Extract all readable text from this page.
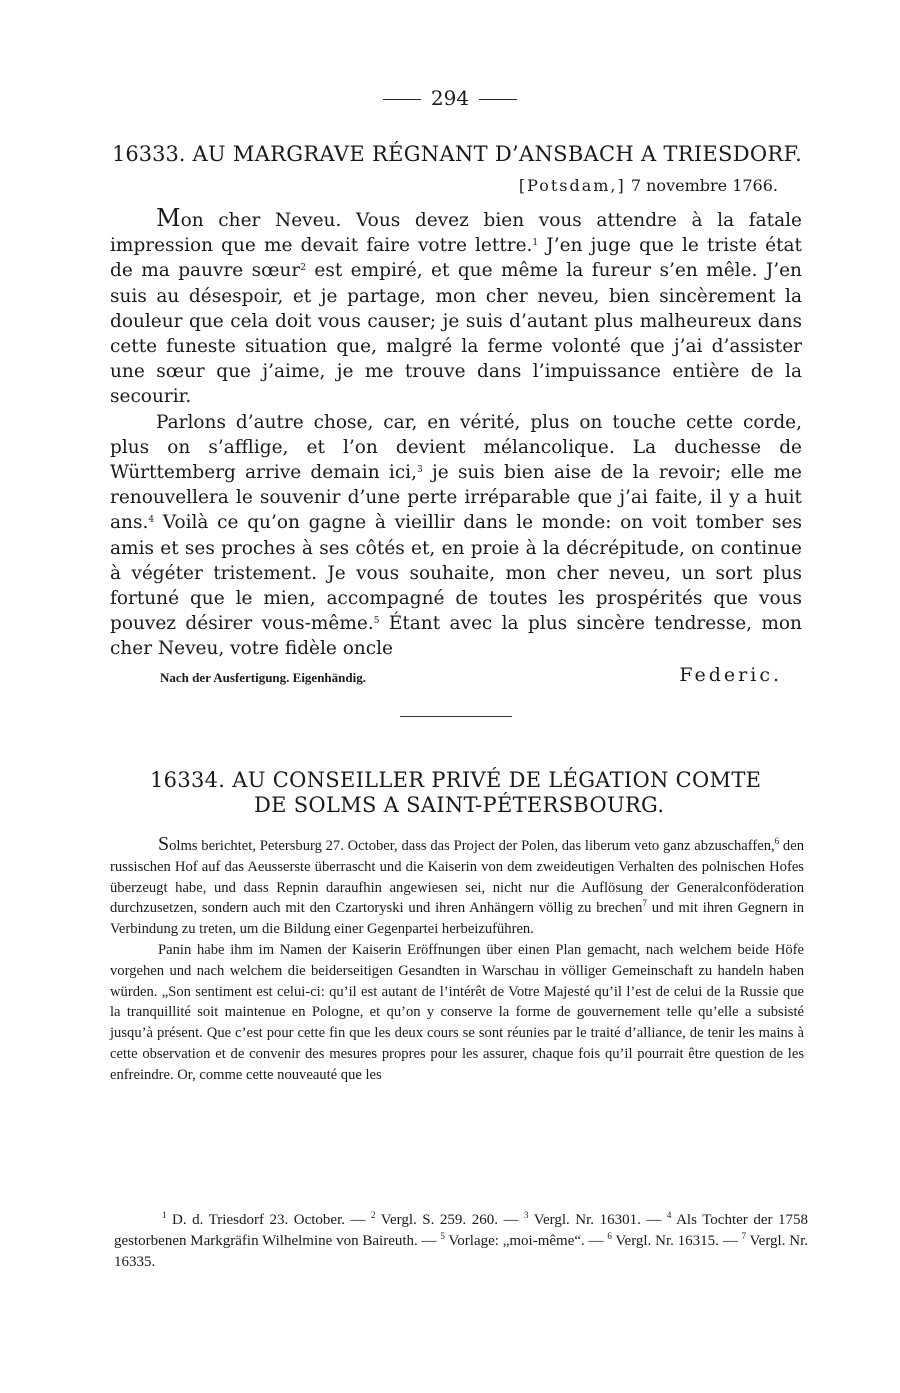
294
16333. AU MARGRAVE RÉGNANT D’ANSBACH A TRIESDORF.
[Potsdam,] 7 novembre 1766.

Mon cher Neveu. Vous devez bien vous attendre à la fatale impression que me devait faire votre lettre.$^1$ J’en juge que le triste état de ma pauvre sœur$^2$ est empiré, et que même la fureur s’en mêle. J’en suis au désespoir, et je partage, mon cher neveu, bien sincèrement la douleur que cela doit vous causer; je suis d’autant plus malheureux dans cette funeste situation que, malgré la ferme volonté que j’ai d’assister une sœur que j’aime, je me trouve dans l’impuissance entière de la secourir.

Parlons d’autre chose, car, en vérité, plus on touche cette corde, plus on s’afflige, et l’on devient mélancolique. La duchesse de Württemberg arrive demain ici,$^3$ je suis bien aise de la revoir; elle me renouvellera le souvenir d’une perte irréparable que j’ai faite, il y a huit ans.$^4$ Voilà ce qu’on gagne à vieillir dans le monde: on voit tomber ses amis et ses proches à ses côtés et, en proie à la décrépitude, on continue à végéter tristement. Je vous souhaite, mon cher neveu, un sort plus fortuné que le mien, accompagné de toutes les prospérités que vous pouvez désirer vous-même.$^5$ Étant avec la plus sincère tendresse, mon cher Neveu, votre fidèle oncle

Nach der Ausfertigung. Eigenhändig.	Federic.
16334. AU CONSEILLER PRIVÉ DE LÉGATION COMTE
DE SOLMS A SAINT-PÉTERSBOURG.

Solms berichtet, Petersburg 27. October, dass das Project der Polen, das liberum veto ganz abzuschaffen,$^6$ den russischen Hof auf das Aeusserste überrascht und die Kaiserin von dem zweideutigen Verhalten des polnischen Hofes überzeugt habe, und dass Repnin daraufhin angewiesen sei, nicht nur die Auflösung der Generalconföderation durchzusetzen, sondern auch mit den Czartoryski und ihren Anhängern völlig zu brechen$^7$ und mit ihren Gegnern in Verbindung zu treten, um die Bildung einer Gegenpartei herbeizuführen.

Panin habe ihm im Namen der Kaiserin Eröffnungen über einen Plan gemacht, nach welchem beide Höfe vorgehen und nach welchem die beiderseitigen Gesandten in Warschau in völliger Gemeinschaft zu handeln haben würden. „Son sentiment est celui-ci: qu’il est autant de l’intérêt de Votre Majesté qu’il l’est de celui de la Russie que la tranquillité soit maintenue en Pologne, et qu’on y conserve la forme de gouvernement telle qu’elle a subsisté jusqu’à présent. Que c’est pour cette fin que les deux cours se sont réunies par le traité d’alliance, de tenir les mains à cette observation et de convenir des mesures propres pour les assurer, chaque fois qu’il pourrait être question de les enfreindre. Or, comme cette nouveauté que les

$^1$ D. d. Triesdorf 23. October. — $^2$ Vergl. S. 259. 260. — $^3$ Vergl. Nr. 16301. — $^4$ Als Tochter der 1758 gestorbenen Markgräfin Wilhelmine von Baireuth. — $^5$ Vorlage: „moi-même“. — $^6$ Vergl. Nr. 16315. — $^7$ Vergl. Nr. 16335.
